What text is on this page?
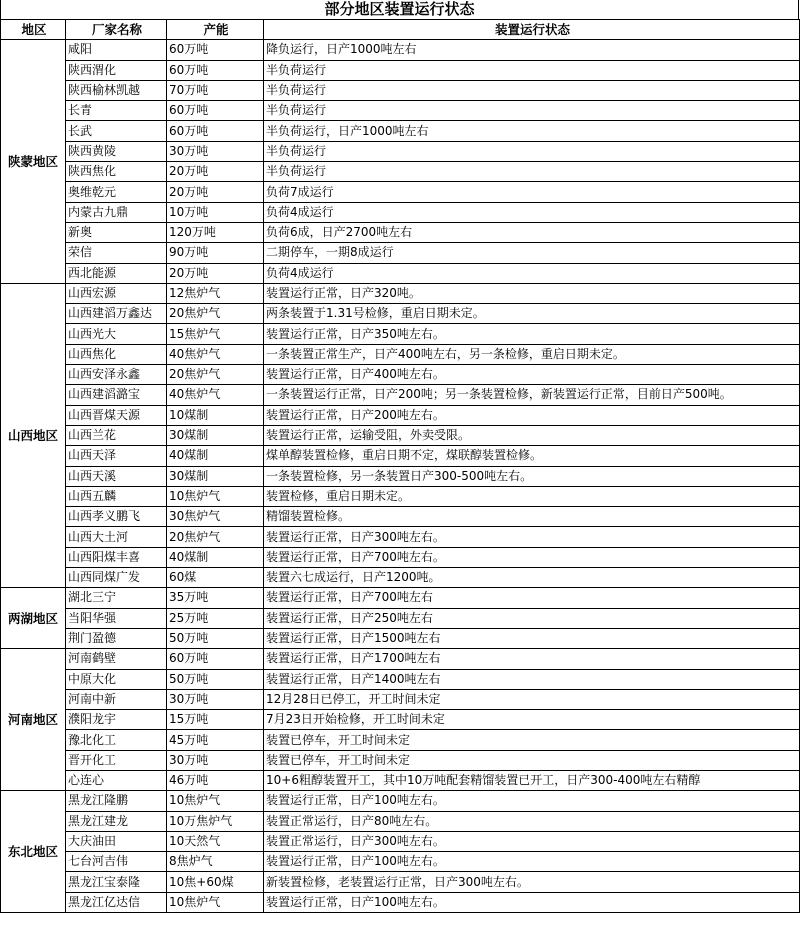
部分地区装置运行状态
地区	厂家名称	产能	装置运行状态
陕蒙地区	咸阳	60万吨	降负运行，日产1000吨左右
	陕西渭化	60万吨	半负荷运行
	陕西榆林凯越	70万吨	半负荷运行
	长青	60万吨	半负荷运行
	长武	60万吨	半负荷运行，日产1000吨左右
	陕西黄陵	30万吨	半负荷运行
	陕西焦化	20万吨	半负荷运行
	奥维乾元	20万吨	负荷7成运行
	内蒙古九鼎	10万吨	负荷4成运行
	新奥	120万吨	负荷6成，日产2700吨左右
	荣信	90万吨	二期停车，一期8成运行
	西北能源	20万吨	负荷4成运行
山西地区	山西宏源	12焦炉气	装置运行正常，日产320吨。
	山西建滔万鑫达	20焦炉气	两条装置于1.31号检修，重启日期未定。
	山西光大	15焦炉气	装置运行正常，日产350吨左右。
	山西焦化	40焦炉气	一条装置正常生产，日产400吨左右，另一条检修，重启日期未定。
	山西安泽永鑫	20焦炉气	装置运行正常，日产400吨左右。
	山西建滔潞宝	40焦炉气	一条装置运行正常，日产200吨；另一条装置检修，新装置运行正常，目前日产500吨。
	山西晋煤天源	10煤制	装置运行正常，日产200吨左右。
	山西兰花	30煤制	装置运行正常，运输受阻，外卖受限。
	山西天泽	40煤制	煤单醇装置检修，重启日期不定，煤联醇装置检修。
	山西天溪	30煤制	一条装置检修，另一条装置日产300-500吨左右。
	山西五麟	10焦炉气	装置检修，重启日期未定。
	山西孝义鹏飞	30焦炉气	精馏装置检修。
	山西大土河	20焦炉气	装置运行正常，日产300吨左右。
	山西阳煤丰喜	40煤制	装置运行正常，日产700吨左右。
	山西同煤广发	60煤	装置六七成运行，日产1200吨。
两湖地区	湖北三宁	35万吨	装置运行正常，日产700吨左右
	当阳华强	25万吨	装置运行正常，日产250吨左右
	荆门盈德	50万吨	装置运行正常，日产1500吨左右
河南地区	河南鹤壁	60万吨	装置运行正常，日产1700吨左右
	中原大化	50万吨	装置运行正常，日产1400吨左右
	河南中新	30万吨	12月28日已停工，开工时间未定
	濮阳龙宇	15万吨	7月23日开始检修，开工时间未定
	豫北化工	45万吨	装置已停车，开工时间未定
	晋开化工	30万吨	装置已停车，开工时间未定
	心连心	46万吨	10+6粗醇装置开工，其中10万吨配套精馏装置已开工，日产300-400吨左右精醇
东北地区	黑龙江隆鹏	10焦炉气	装置运行正常，日产100吨左右。
	黑龙江建龙	10万焦炉气	装置正常运行，日产80吨左右。
	大庆油田	10天然气	装置正常运行，日产300吨左右。
	七台河吉伟	8焦炉气	装置运行正常，日产100吨左右。
	黑龙江宝泰隆	10焦+60煤	新装置检修，老装置运行正常，日产300吨左右。
	黑龙江亿达信	10焦炉气	装置运行正常，日产100吨左右。
